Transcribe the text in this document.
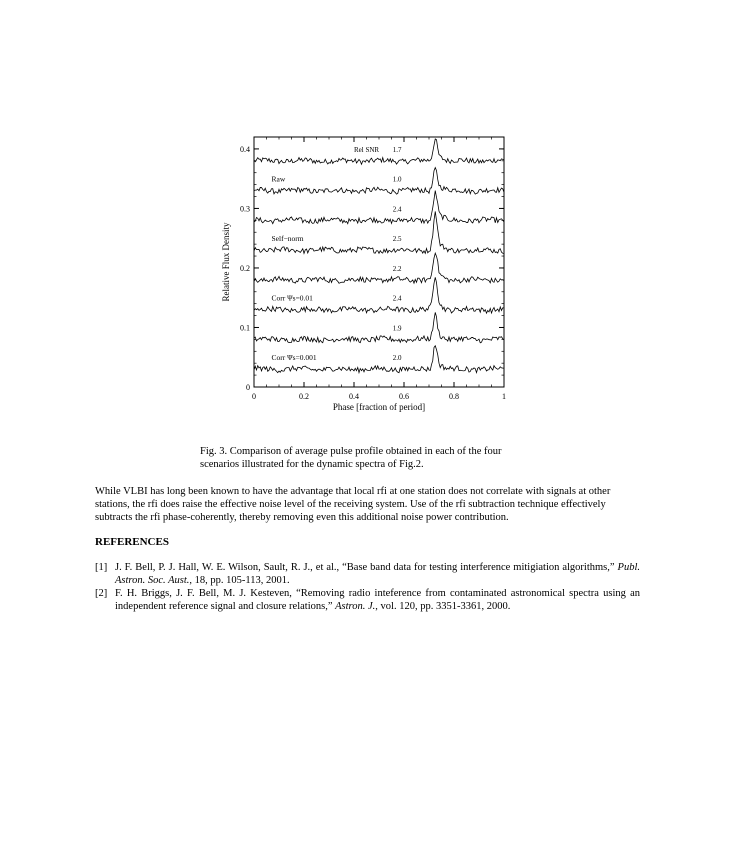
0	0.2	0.4	0.6	0.8	1
0
0.1
0.2
0.3
0.4	Rel SNR 1.7
1.0
2.4
2.5
2.2
2.4
1.9
2.0
Raw
Self−norm
Corr Ψs=0.01
Corr Ψs=0.001
Phase [fraction of period]
Relative Flux Density
Fig. 3. Comparison of average pulse profile obtained in each of the four scenarios illustrated for the dynamic spectra of Fig.2.
While VLBI has long been known to have the advantage that local rfi at one station does not correlate with signals at other stations, the rfi does raise the effective noise level of the receiving system. Use of the rfi subtraction technique effectively subtracts the rfi phase-coherently, thereby removing even this additional noise power contribution.
REFERENCES
[1] J. F. Bell, P. J. Hall, W. E. Wilson, Sault, R. J., et al., “Base band data for testing interference mitigiation algorithms,” Publ. Astron. Soc. Aust., 18, pp. 105-113, 2001.
[2] F. H. Briggs, J. F. Bell, M. J. Kesteven, “Removing radio inteference from contaminated astronomical spectra using an independent reference signal and closure relations,” Astron. J., vol. 120, pp. 3351-3361, 2000.
